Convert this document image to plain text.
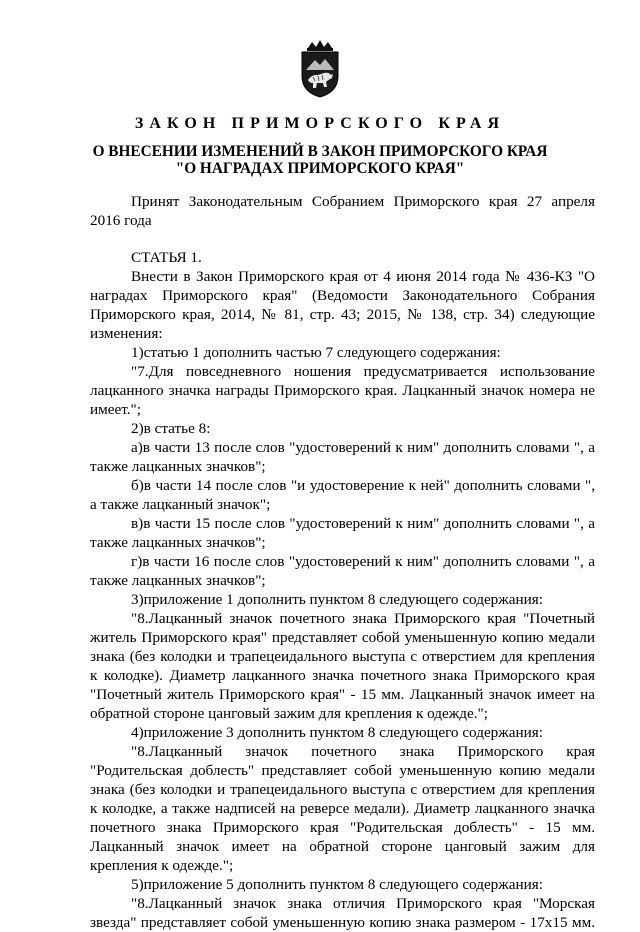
ЗАКОН ПРИМОРСКОГО КРАЯ
О ВНЕСЕНИИ ИЗМЕНЕНИЙ В ЗАКОН ПРИМОРСКОГО КРАЯ
"О НАГРАДАХ ПРИМОРСКОГО КРАЯ"

Принят Законодательным Собранием Приморского края 27 апреля 2016 года

СТАТЬЯ 1.

Внести в Закон Приморского края от 4 июня 2014 года № 436-КЗ "О наградах Приморского края" (Ведомости Законодательного Собрания Приморского края, 2014, № 81, стр. 43; 2015, № 138, стр. 34) следующие изменения:

1)статью 1 дополнить частью 7 следующего содержания:

"7.Для повседневного ношения предусматривается использование лацканного значка награды Приморского края. Лацканный значок номера не имеет.";

2)в статье 8:

а)в части 13 после слов "удостоверений к ним" дополнить словами ", а также лацканных значков";

б)в части 14 после слов "и удостоверение к ней" дополнить словами ", а также лацканный значок";

в)в части 15 после слов "удостоверений к ним" дополнить словами ", а также лацканных значков";

г)в части 16 после слов "удостоверений к ним" дополнить словами ", а также лацканных значков";

3)приложение 1 дополнить пунктом 8 следующего содержания:

"8.Лацканный значок почетного знака Приморского края "Почетный житель Приморского края" представляет собой уменьшенную копию медали знака (без колодки и трапецеидального выступа с отверстием для крепления к колодке). Диаметр лацканного значка почетного знака Приморского края "Почетный житель Приморского края" - 15 мм. Лацканный значок имеет на обратной стороне цанговый зажим для крепления к одежде.";

4)приложение 3 дополнить пунктом 8 следующего содержания:

"8.Лацканный значок почетного знака Приморского края "Родительская доблесть" представляет собой уменьшенную копию медали знака (без колодки и трапецеидального выступа с отверстием для крепления к колодке, а также надписей на реверсе медали). Диаметр лацканного значка почетного знака Приморского края "Родительская доблесть" - 15 мм. Лацканный значок имеет на обратной стороне цанговый зажим для крепления к одежде.";

5)приложение 5 дополнить пунктом 8 следующего содержания:

"8.Лацканный значок знака отличия Приморского края "Морская звезда" представляет собой уменьшенную копию знака размером - 17x15 мм.
